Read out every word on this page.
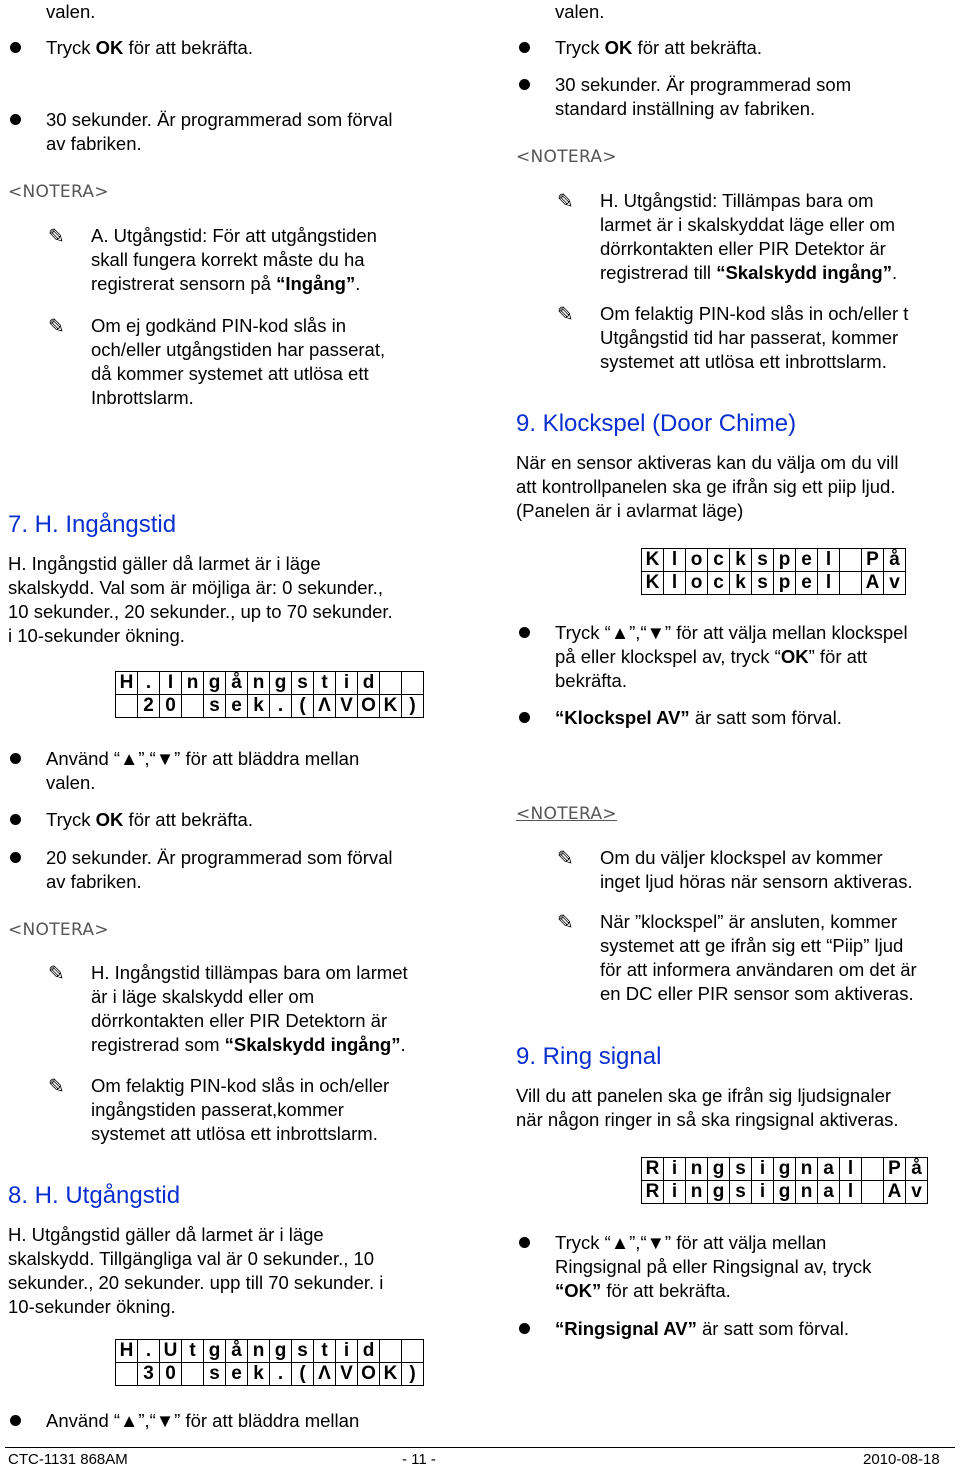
valen.
Tryck OK för att bekräfta.
30 sekunder. Är programmerad som förval
av fabriken.
<NOTERA>
✎ A. Utgångstid: För att utgångstiden
skall fungera korrekt måste du ha
registrerat sensorn på “Ingång”.
✎ Om ej godkänd PIN-kod slås in
och/eller utgångstiden har passerat,
då kommer systemet att utlösa ett
Inbrottslarm.
7. H. Ingångstid
H. Ingångstid gäller då larmet är i läge
skalskydd. Val som är möjliga är: 0 sekunder.,
10 sekunder., 20 sekunder., up to 70 sekunder.
i 10-sekunder ökning.
	H	.	I	n	g	å	n	g	s	t	i	d		
		2	0		s	e	k	.	(	Λ	V	O	K	)
Använd “▲”,“▼” för att bläddra mellan
valen.
Tryck OK för att bekräfta.
20 sekunder. Är programmerad som förval
av fabriken.
<NOTERA>
✎ H. Ingångstid tillämpas bara om larmet
är i läge skalskydd eller om
dörrkontakten eller PIR Detektorn är
registrerad som “Skalskydd ingång”.
✎ Om felaktig PIN-kod slås in och/eller
ingångstiden passerat,kommer
systemet att utlösa ett inbrottslarm.
8. H. Utgångstid
H. Utgångstid gäller då larmet är i läge
skalskydd. Tillgängliga val är 0 sekunder., 10
sekunder., 20 sekunder. upp till 70 sekunder. i
10-sekunder ökning.
	H	.	U	t	g	å	n	g	s	t	i	d		
		3	0		s	e	k	.	(	Λ	V	O	K	)
Använd “▲”,“▼” för att bläddra mellan
valen.
Tryck OK för att bekräfta.
30 sekunder. Är programmerad som
standard inställning av fabriken.
<NOTERA>
✎ H. Utgångstid: Tillämpas bara om
larmet är i skalskyddat läge eller om
dörrkontakten eller PIR Detektor är
registrerad till “Skalskydd ingång”.
✎ Om felaktig PIN-kod slås in och/eller t
Utgångstid tid har passerat, kommer
systemet att utlösa ett inbrottslarm.
9. Klockspel (Door Chime)
När en sensor aktiveras kan du välja om du vill
att kontrollpanelen ska ge ifrån sig ett piip ljud.
(Panelen är i avlarmat läge)
	K	l	o	c	k	s	p	e	l		P	å
	K	l	o	c	k	s	p	e	l		A	v
Tryck “▲”,“▼” för att välja mellan klockspel
på eller klockspel av, tryck “OK” för att
bekräfta.
“Klockspel AV” är satt som förval.
<NOTERA>
✎ Om du väljer klockspel av kommer
inget ljud höras när sensorn aktiveras.
✎ När ”klockspel” är ansluten, kommer
systemet att ge ifrån sig ett “Piip” ljud
för att informera användaren om det är
en DC eller PIR sensor som aktiveras.
9. Ring signal
Vill du att panelen ska ge ifrån sig ljudsignaler
när någon ringer in så ska ringsignal aktiveras.
	R	i	n	g	s	i	g	n	a	l		P	å
	R	i	n	g	s	i	g	n	a	l		A	v
Tryck “▲”,“▼” för att välja mellan
Ringsignal på eller Ringsignal av, tryck
“OK” för att bekräfta.
“Ringsignal AV” är satt som förval.
CTC-1131 868AM	- 11 -	2010-08-18
